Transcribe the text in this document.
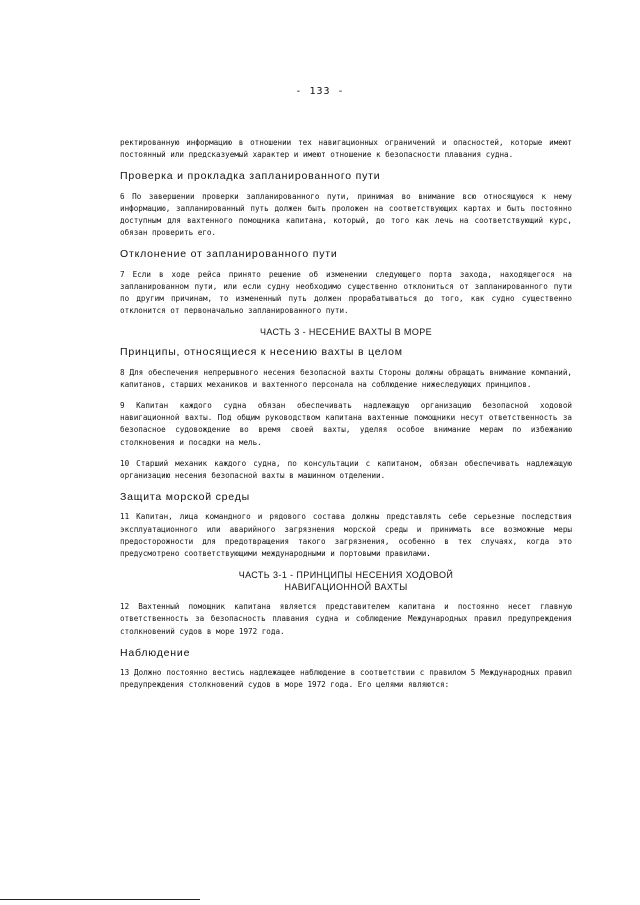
- 133 -
ректированную информацию в отношении тех навигационных ограничений и опасностей, которые имеют постоянный или предсказуемый характер и имеют отношение к безопасности плавания судна.
Проверка и прокладка запланированного пути
6 По завершении проверки запланированного пути, принимая во внимание всю относящуюся к нему информацию, запланированный путь должен быть проложен на соответствующих картах и быть постоянно доступным для вахтенного помощника капитана, который, до того как лечь на соответствующий курс, обязан проверить его.
Отклонение от запланированного пути
7 Если в ходе рейса принято решение об изменении следующего порта захода, находящегося на запланированном пути, или если судну необходимо существенно отклониться от запланированного пути по другим причинам, то измененный путь должен прорабатываться до того, как судно существенно отклонится от первоначально запланированного пути.
ЧАСТЬ 3 - НЕСЕНИЕ ВАХТЫ В МОРЕ
Принципы, относящиеся к несению вахты в целом
8 Для обеспечения непрерывного несения безопасной вахты Стороны должны обращать внимание компаний, капитанов, старших механиков и вахтенного персонала на соблюдение нижеследующих принципов.
9 Капитан каждого судна обязан обеспечивать надлежащую организацию безопасной ходовой навигационной вахты. Под общим руководством капитана вахтенные помощники несут ответственность за безопасное судовождение во время своей вахты, уделяя особое внимание мерам по избежанию столкновения и посадки на мель.
10 Старший механик каждого судна, по консультации с капитаном, обязан обеспечивать надлежащую организацию несения безопасной вахты в машинном отделении.
Защита морской среды
11 Капитан, лица командного и рядового состава должны представлять себе серьезные последствия эксплуатационного или аварийного загрязнения морской среды и принимать все возможные меры предосторожности для предотвращения такого загрязнения, особенно в тех случаях, когда это предусмотрено соответствующими международными и портовыми правилами.
ЧАСТЬ 3-1 - ПРИНЦИПЫ НЕСЕНИЯ ХОДОВОЙ
НАВИГАЦИОННОЙ ВАХТЫ
12 Вахтенный помощник капитана является представителем капитана и постоянно несет главную ответственность за безопасность плавания судна и соблюдение Международных правил предупреждения столкновений судов в море 1972 года.
Наблюдение
13 Должно постоянно вестись надлежащее наблюдение в соответствии с правилом 5 Международных правил предупреждения столкновений судов в море 1972 года. Его целями являются:
